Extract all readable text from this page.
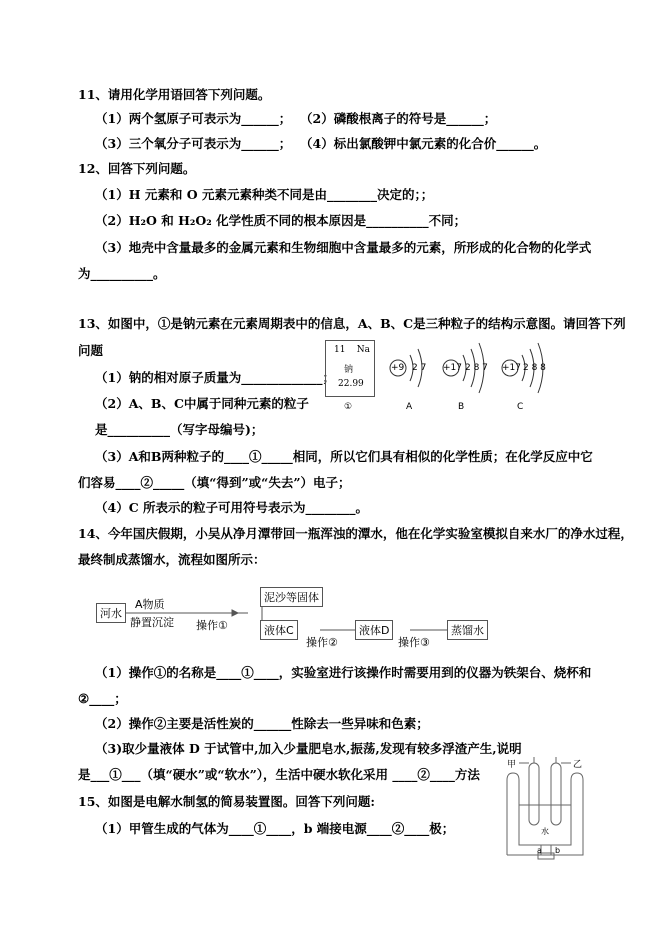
11、请用化学用语回答下列问题。
（1）两个氢原子可表示为______； （2）磷酸根离子的符号是______；
（3）三个氧分子可表示为______； （4）标出氯酸钾中氯元素的化合价______。
12、回答下列问题。
（1）H 元素和 O 元素元素种类不同是由________决定的；；
（2）H₂O 和 H₂O₂ 化学性质不同的根本原因是__________不同；
（3）地壳中含量最多的金属元素和生物细胞中含量最多的元素，所形成的化合物的化学式
为__________。
13、如图中，①是钠元素在元素周期表中的信息，A、B、C是三种粒子的结构示意图。请回答下列
问题
（1）钠的相对原子质量为_____________；
（2）A、B、C中属于同种元素的粒子
是__________（写字母编号)；
（3）A和B两种粒子的____①_____相同，所以它们具有相似的化学性质；在化学反应中它
们容易____②_____（填“得到”或“失去”）电子；
（4）C 所表示的粒子可用符号表示为________。
11 Na
钠
22.99
①
+9 2 7 +17 2 8 7 +17 2 8 8
A	B	C
14、今年国庆假期，小吴从净月潭带回一瓶浑浊的潭水，他在化学实验室模拟自来水厂的净水过程，
最终制成蒸馏水，流程如图所示：
河水
A物质
静置沉淀 操作①
泥沙等固体
液体C
操作②
液体D
操作③
蒸馏水
（1）操作①的名称是____①____，实验室进行该操作时需要用到的仪器为铁架台、烧杯和
②____；
（2）操作②主要是活性炭的______性除去一些异味和色素；
（3)取少量液体 D 于试管中,加入少量肥皂水,振荡,发现有较多浮渣产生,说明
是___①___（填“硬水”或“软水”），生活中硬水软化采用 ____②____方法
15、如图是电解水制氢的简易装置图。回答下列问题:
（1）甲管生成的气体为____①____，b 端接电源____②____极；
甲	乙
水
a b
